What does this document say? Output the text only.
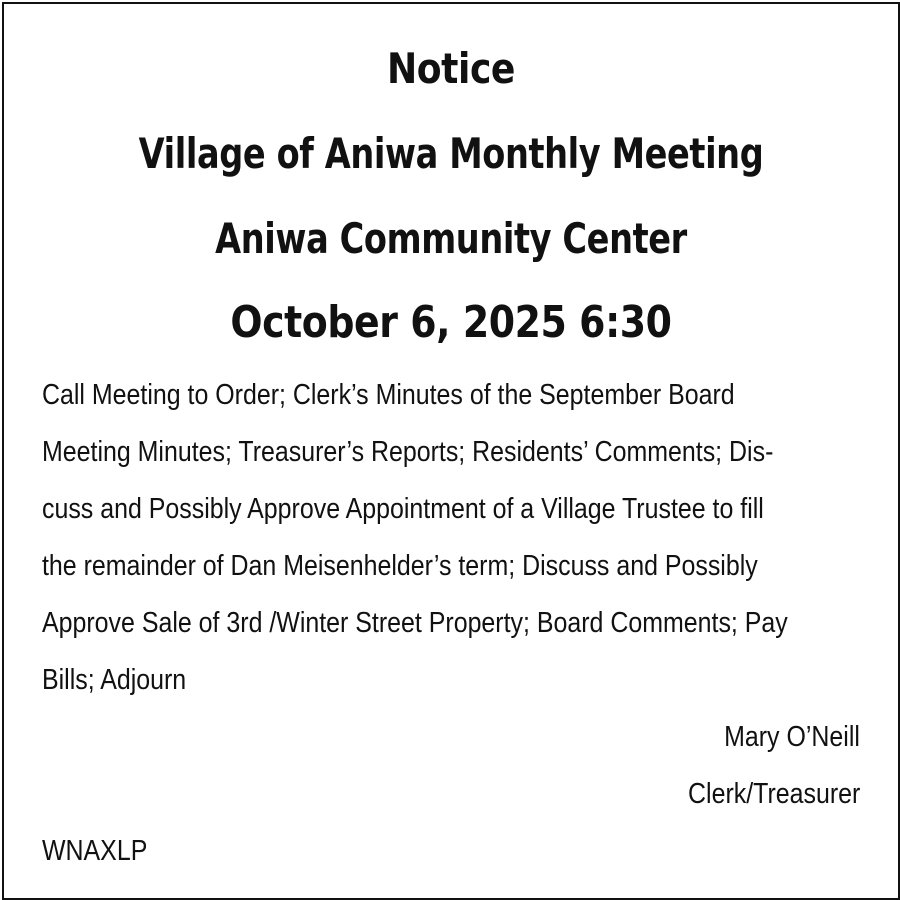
Notice
Village of Aniwa Monthly Meeting
Aniwa Community Center
October 6, 2025 6:30
Call Meeting to Order; Clerk’s Minutes of the September Board
Meeting Minutes; Treasurer’s Reports; Residents’ Comments; Dis-
cuss and Possibly Approve Appointment of a Village Trustee to fill
the remainder of Dan Meisenhelder’s term; Discuss and Possibly
Approve Sale of 3rd /Winter Street Property; Board Comments; Pay
Bills; Adjourn
Mary O’Neill
Clerk/Treasurer
WNAXLP
